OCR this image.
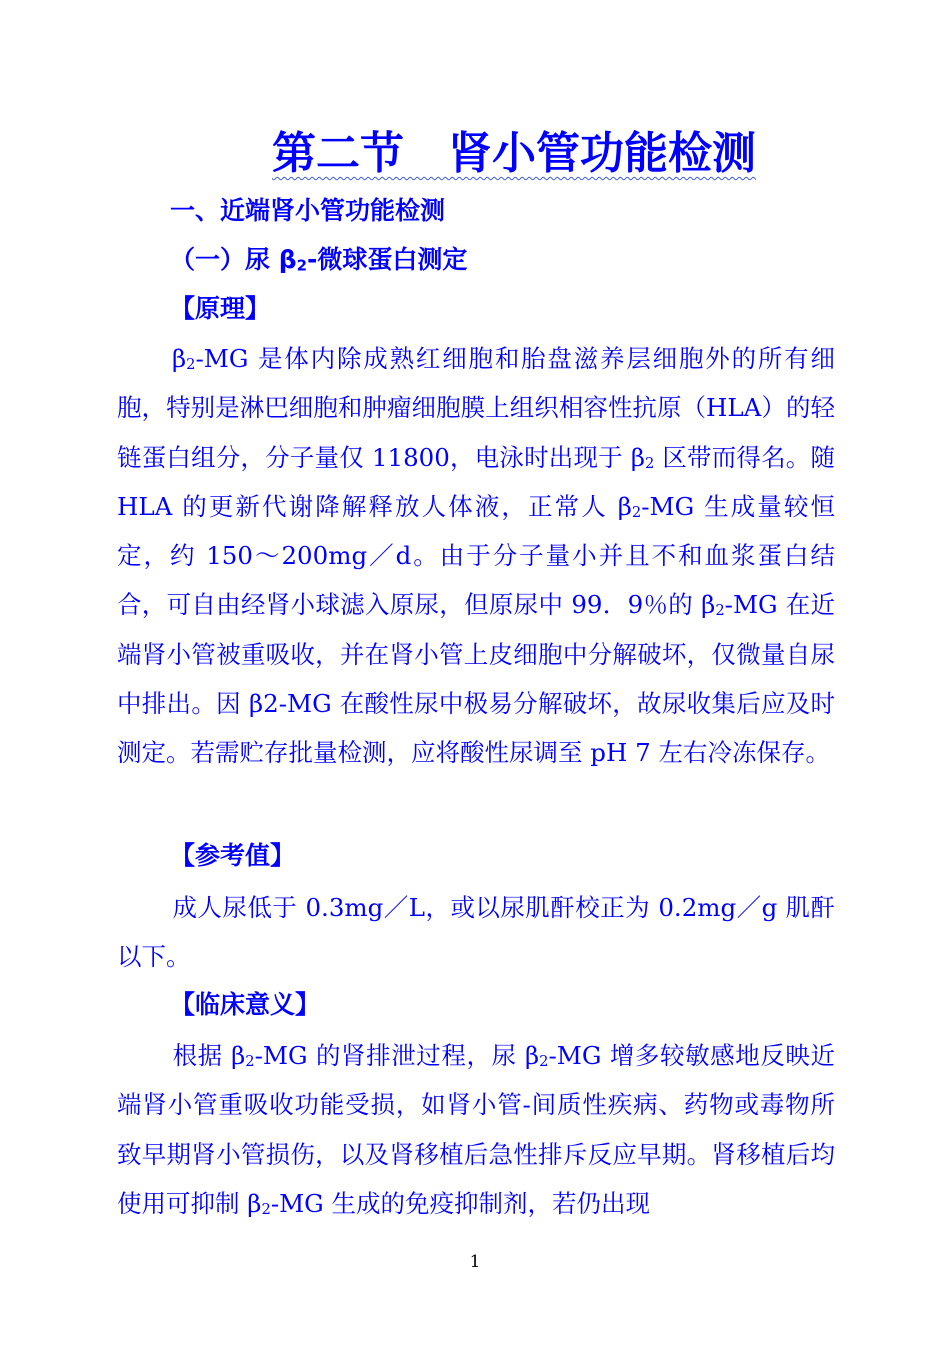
第二节　肾小管功能检测
一、近端肾小管功能检测
（一）尿 $\beta_2-$微球蛋白测定
【原理】

$\beta_2-MG$ 是体内除成熟红细胞和胎盘滋养层细胞外的所有细胞，特别是淋巴细胞和肿瘤细胞膜上组织相容性抗原（HLA）的轻链蛋白组分，分子量仅 11800，电泳时出现于 $\beta_2$ 区带而得名。随 HLA 的更新代谢降解释放人体液，正常人 $\beta_2-MG$ 生成量较恒定，约 150～200mg／d。由于分子量小并且不和血浆蛋白结合，可自由经肾小球滤入原尿，但原尿中 99．9％的 $\beta_2-MG$ 在近端肾小管被重吸收，并在肾小管上皮细胞中分解破坏，仅微量自尿中排出。因 β2-MG 在酸性尿中极易分解破坏，故尿收集后应及时测定。若需贮存批量检测，应将酸性尿调至 pH 7 左右冷冻保存。

【参考值】

成人尿低于 0.3mg／L，或以尿肌酐校正为 0.2mg／g 肌酐以下。

【临床意义】

根据 $\beta_2-MG$ 的肾排泄过程，尿 $\beta_2-MG$ 增多较敏感地反映近端肾小管重吸收功能受损，如肾小管-间质性疾病、药物或毒物所致早期肾小管损伤，以及肾移植后急性排斥反应早期。肾移植后均使用可抑制 $\beta_2-MG$ 生成的免疫抑制剂，若仍出现

1
